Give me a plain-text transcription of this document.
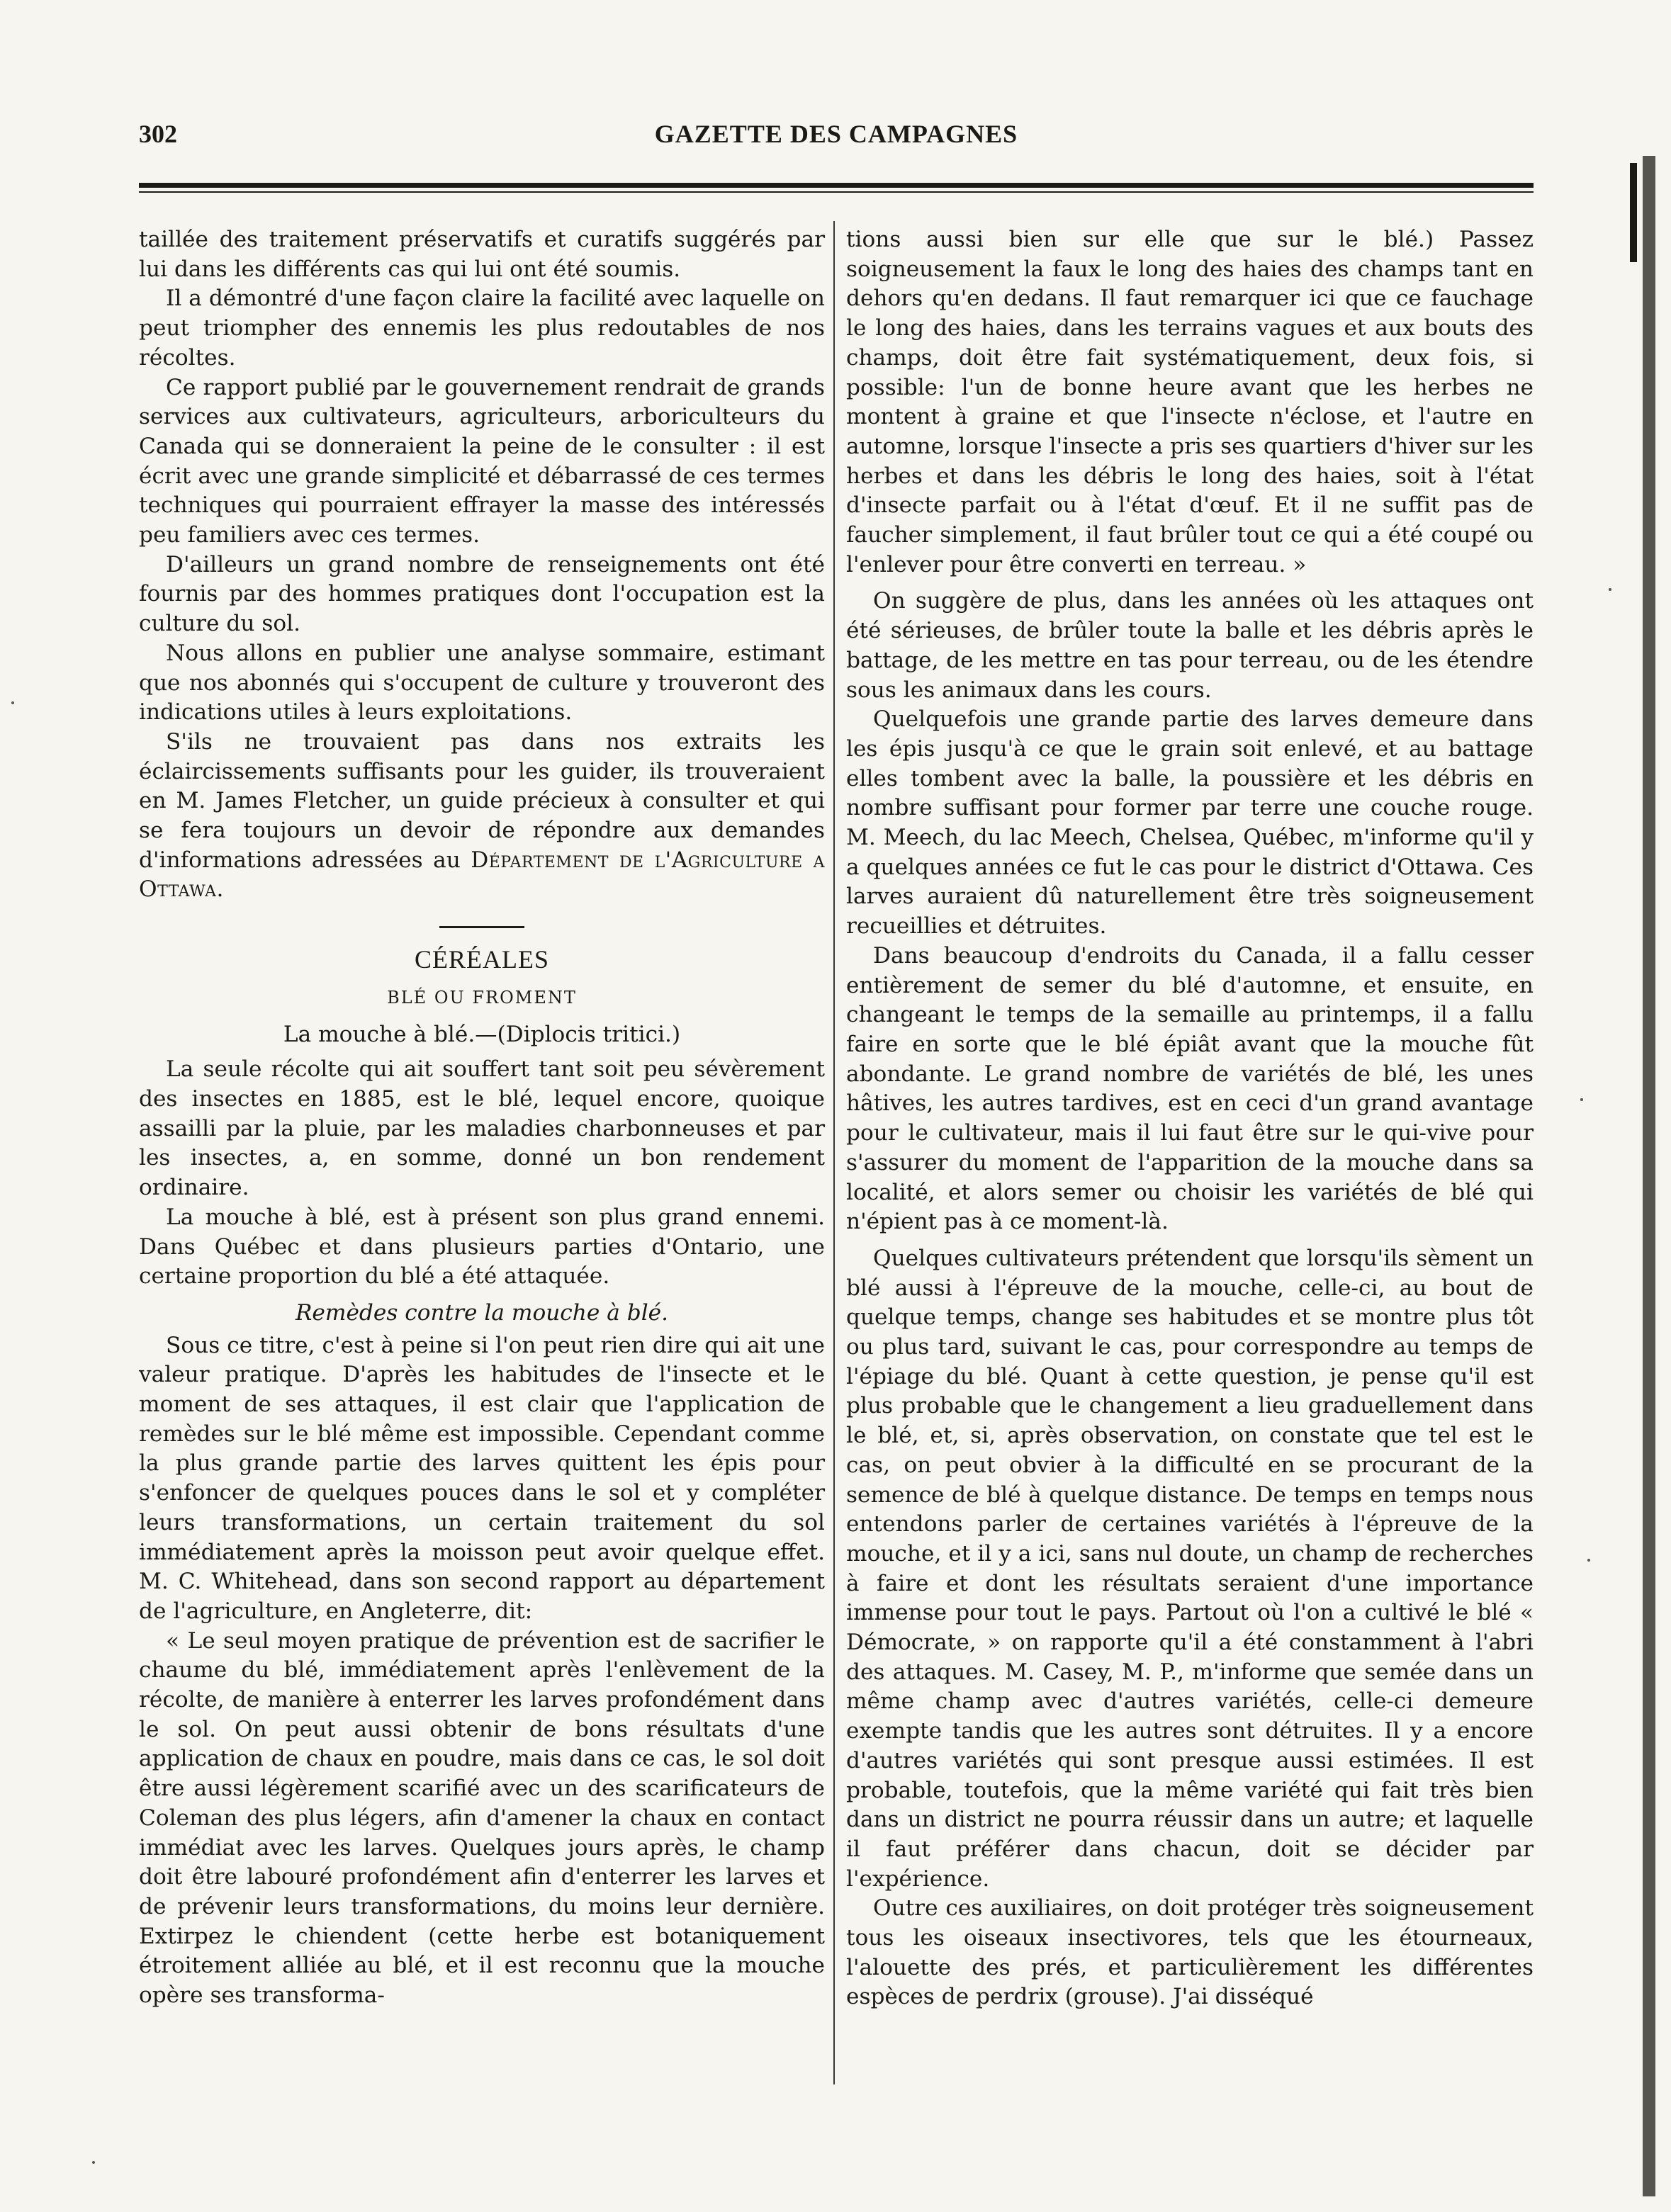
302	GAZETTE DES CAMPAGNES

taillée des traitement préservatifs et curatifs suggérés par lui dans les différents cas qui lui ont été soumis.

Il a démontré d'une façon claire la facilité avec laquelle on peut triompher des ennemis les plus redoutables de nos récoltes.

Ce rapport publié par le gouvernement rendrait de grands services aux cultivateurs, agriculteurs, arboriculteurs du Canada qui se donneraient la peine de le consulter : il est écrit avec une grande simplicité et débarrassé de ces termes techniques qui pourraient effrayer la masse des intéressés peu familiers avec ces termes.

D'ailleurs un grand nombre de renseignements ont été fournis par des hommes pratiques dont l'occupation est la culture du sol.

Nous allons en publier une analyse sommaire, estimant que nos abonnés qui s'occupent de culture y trouveront des indications utiles à leurs exploitations.

S'ils ne trouvaient pas dans nos extraits les éclaircissements suffisants pour les guider, ils trouveraient en M. James Fletcher, un guide précieux à consulter et qui se fera toujours un devoir de répondre aux demandes d'informations adressées au Département de l'Agriculture a Ottawa.

CÉRÉALES
BLÉ OU FROMENT
La mouche à blé.—(Diplocis tritici.)

La seule récolte qui ait souffert tant soit peu sévèrement des insectes en 1885, est le blé, lequel encore, quoique assailli par la pluie, par les maladies charbonneuses et par les insectes, a, en somme, donné un bon rendement ordinaire.

La mouche à blé, est à présent son plus grand ennemi. Dans Québec et dans plusieurs parties d'Ontario, une certaine proportion du blé a été attaquée.

Remèdes contre la mouche à blé.

Sous ce titre, c'est à peine si l'on peut rien dire qui ait une valeur pratique. D'après les habitudes de l'insecte et le moment de ses attaques, il est clair que l'application de remèdes sur le blé même est impossible. Cependant comme la plus grande partie des larves quittent les épis pour s'enfoncer de quelques pouces dans le sol et y compléter leurs transformations, un certain traitement du sol immédiatement après la moisson peut avoir quelque effet. M. C. Whitehead, dans son second rapport au département de l'agriculture, en Angleterre, dit:

« Le seul moyen pratique de prévention est de sacrifier le chaume du blé, immédiatement après l'enlèvement de la récolte, de manière à enterrer les larves profondément dans le sol. On peut aussi obtenir de bons résultats d'une application de chaux en poudre, mais dans ce cas, le sol doit être aussi légèrement scarifié avec un des scarificateurs de Coleman des plus légers, afin d'amener la chaux en contact immédiat avec les larves. Quelques jours après, le champ doit être labouré profondément afin d'enterrer les larves et de prévenir leurs transformations, du moins leur dernière. Extirpez le chiendent (cette herbe est botaniquement étroitement alliée au blé, et il est reconnu que la mouche opère ses transforma-

tions aussi bien sur elle que sur le blé.) Passez soigneusement la faux le long des haies des champs tant en dehors qu'en dedans. Il faut remarquer ici que ce fauchage le long des haies, dans les terrains vagues et aux bouts des champs, doit être fait systématiquement, deux fois, si possible: l'un de bonne heure avant que les herbes ne montent à graine et que l'insecte n'éclose, et l'autre en automne, lorsque l'insecte a pris ses quartiers d'hiver sur les herbes et dans les débris le long des haies, soit à l'état d'insecte parfait ou à l'état d'œuf. Et il ne suffit pas de faucher simplement, il faut brûler tout ce qui a été coupé ou l'enlever pour être converti en terreau. »

On suggère de plus, dans les années où les attaques ont été sérieuses, de brûler toute la balle et les débris après le battage, de les mettre en tas pour terreau, ou de les étendre sous les animaux dans les cours.

Quelquefois une grande partie des larves demeure dans les épis jusqu'à ce que le grain soit enlevé, et au battage elles tombent avec la balle, la poussière et les débris en nombre suffisant pour former par terre une couche rouge. M. Meech, du lac Meech, Chelsea, Québec, m'informe qu'il y a quelques années ce fut le cas pour le district d'Ottawa. Ces larves auraient dû naturellement être très soigneusement recueillies et détruites.

Dans beaucoup d'endroits du Canada, il a fallu cesser entièrement de semer du blé d'automne, et ensuite, en changeant le temps de la semaille au printemps, il a fallu faire en sorte que le blé épiât avant que la mouche fût abondante. Le grand nombre de variétés de blé, les unes hâtives, les autres tardives, est en ceci d'un grand avantage pour le cultivateur, mais il lui faut être sur le qui-vive pour s'assurer du moment de l'apparition de la mouche dans sa localité, et alors semer ou choisir les variétés de blé qui n'épient pas à ce moment-là.

Quelques cultivateurs prétendent que lorsqu'ils sèment un blé aussi à l'épreuve de la mouche, celle-ci, au bout de quelque temps, change ses habitudes et se montre plus tôt ou plus tard, suivant le cas, pour correspondre au temps de l'épiage du blé. Quant à cette question, je pense qu'il est plus probable que le changement a lieu graduellement dans le blé, et, si, après observation, on constate que tel est le cas, on peut obvier à la difficulté en se procurant de la semence de blé à quelque distance. De temps en temps nous entendons parler de certaines variétés à l'épreuve de la mouche, et il y a ici, sans nul doute, un champ de recherches à faire et dont les résultats seraient d'une importance immense pour tout le pays. Partout où l'on a cultivé le blé « Démocrate, » on rapporte qu'il a été constamment à l'abri des attaques. M. Casey, M. P., m'informe que semée dans un même champ avec d'autres variétés, celle-ci demeure exempte tandis que les autres sont détruites. Il y a encore d'autres variétés qui sont presque aussi estimées. Il est probable, toutefois, que la même variété qui fait très bien dans un district ne pourra réussir dans un autre; et laquelle il faut préférer dans chacun, doit se décider par l'expérience.

Outre ces auxiliaires, on doit protéger très soigneusement tous les oiseaux insectivores, tels que les étourneaux, l'alouette des prés, et particulièrement les différentes espèces de perdrix (grouse). J'ai disséqué
